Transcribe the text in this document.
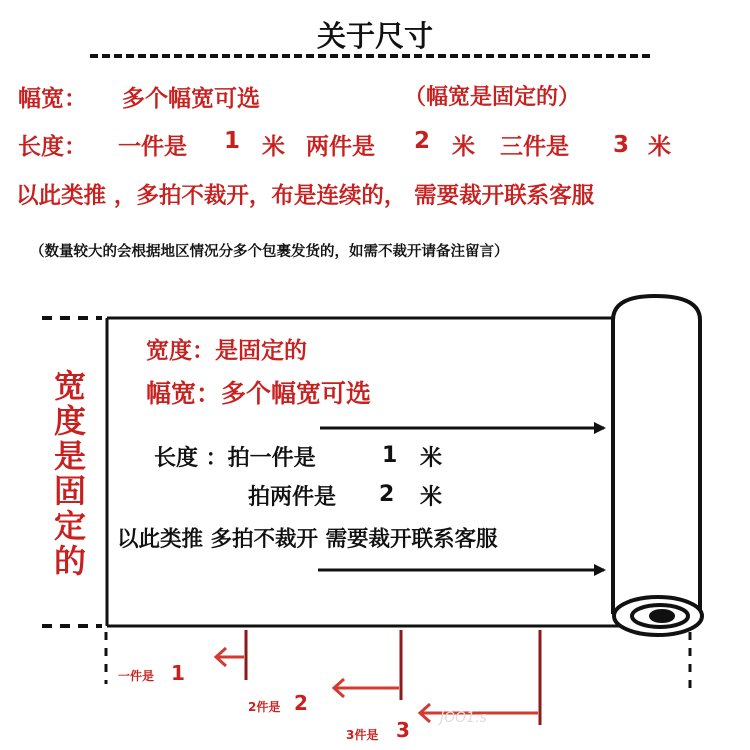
关于尺寸
幅宽： 多个幅宽可选	（幅宽是固定的）
长度： 一件是 1 米 两件是 2 米 三件是 3 米
以此类推 ，多拍不裁开，布是连续的， 需要裁开联系客服
（数量较大的会根据地区情况分多个包裹发货的，如需不裁开请备注留言）
宽
度
是
固
定
的
宽度：是固定的
幅宽：多个幅宽可选
长度 ：拍一件是	1 米
拍两件是 2 米
以此类推 多拍不裁开 需要裁开联系客服
一件是 1
2件是 2
3件是 3 JOO1.s
